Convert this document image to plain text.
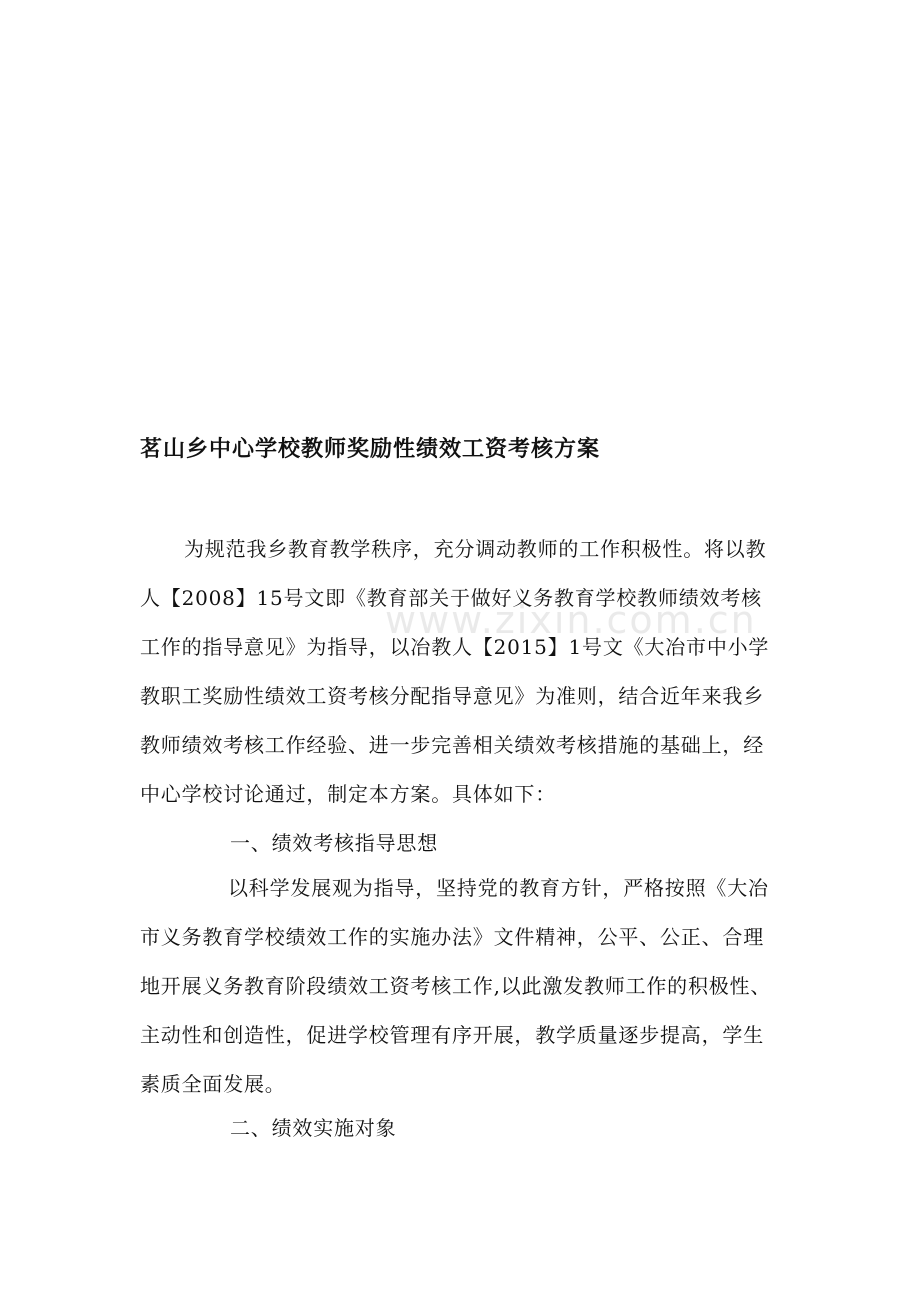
www.zixin.com.cn
茗山乡中心学校教师奖励性绩效工资考核方案
为规范我乡教育教学秩序，充分调动教师的工作积极性。将以教
人【2008】15号文即《教育部关于做好义务教育学校教师绩效考核
工作的指导意见》为指导，以冶教人【2015】1号文《大冶市中小学
教职工奖励性绩效工资考核分配指导意见》为准则，结合近年来我乡
教师绩效考核工作经验、进一步完善相关绩效考核措施的基础上，经
中心学校讨论通过，制定本方案。具体如下：
一、绩效考核指导思想
以科学发展观为指导，坚持党的教育方针，严格按照《大冶
市义务教育学校绩效工作的实施办法》文件精神，公平、公正、合理
地开展义务教育阶段绩效工资考核工作,以此激发教师工作的积极性、
主动性和创造性，促进学校管理有序开展，教学质量逐步提高，学生
素质全面发展。
二、绩效实施对象
